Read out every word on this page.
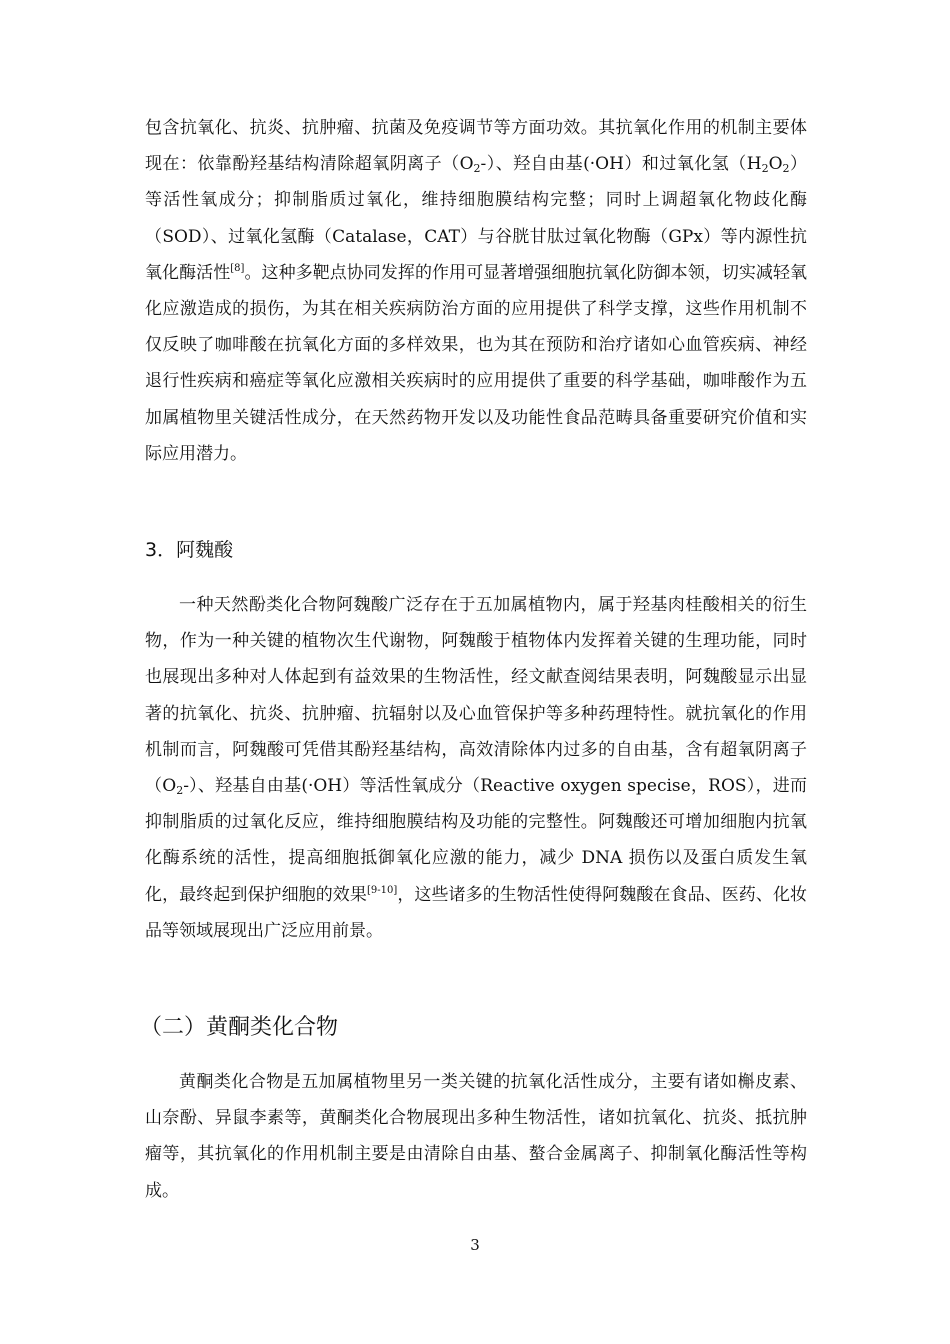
包含抗氧化、抗炎、抗肿瘤、抗菌及免疫调节等方面功效。其抗氧化作用的机制主要体现在：依靠酚羟基结构清除超氧阴离子$(O_2-)$、羟自由基(·OH）和过氧化氢$(H_2O_2)$等活性氧成分；抑制脂质过氧化，维持细胞膜结构完整；同时上调超氧化物歧化酶（SOD）、过氧化氢酶（Catalase，CAT）与谷胱甘肽过氧化物酶（GPx）等内源性抗氧化酶活性[8]。这种多靶点协同发挥的作用可显著增强细胞抗氧化防御本领，切实减轻氧化应激造成的损伤，为其在相关疾病防治方面的应用提供了科学支撑，这些作用机制不仅反映了咖啡酸在抗氧化方面的多样效果，也为其在预防和治疗诸如心血管疾病、神经退行性疾病和癌症等氧化应激相关疾病时的应用提供了重要的科学基础，咖啡酸作为五加属植物里关键活性成分，在天然药物开发以及功能性食品范畴具备重要研究价值和实际应用潜力。

3．阿魏酸

一种天然酚类化合物阿魏酸广泛存在于五加属植物内，属于羟基肉桂酸相关的衍生物，作为一种关键的植物次生代谢物，阿魏酸于植物体内发挥着关键的生理功能，同时也展现出多种对人体起到有益效果的生物活性，经文献查阅结果表明，阿魏酸显示出显著的抗氧化、抗炎、抗肿瘤、抗辐射以及心血管保护等多种药理特性。就抗氧化的作用机制而言，阿魏酸可凭借其酚羟基结构，高效清除体内过多的自由基，含有超氧阴离子$(O_2-)$、羟基自由基(·OH）等活性氧成分（Reactive oxygen specise，ROS），进而抑制脂质的过氧化反应，维持细胞膜结构及功能的完整性。阿魏酸还可增加细胞内抗氧化酶系统的活性，提高细胞抵御氧化应激的能力，减少 DNA 损伤以及蛋白质发生氧化，最终起到保护细胞的效果[9-10]，这些诸多的生物活性使得阿魏酸在食品、医药、化妆品等领域展现出广泛应用前景。

（二）黄酮类化合物

黄酮类化合物是五加属植物里另一类关键的抗氧化活性成分，主要有诸如槲皮素、山奈酚、异鼠李素等，黄酮类化合物展现出多种生物活性，诸如抗氧化、抗炎、抵抗肿瘤等，其抗氧化的作用机制主要是由清除自由基、螯合金属离子、抑制氧化酶活性等构成。

3
